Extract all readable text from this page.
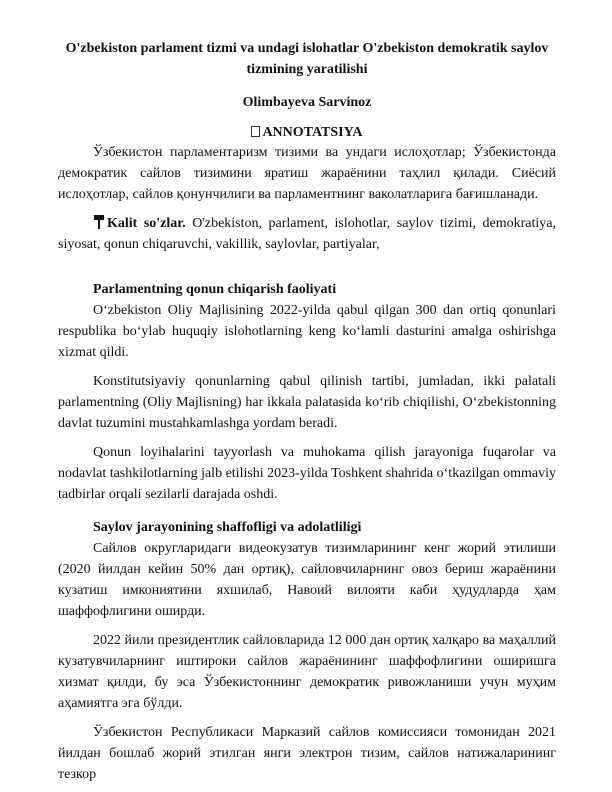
O'zbekiston parlament tizmi va undagi islohatlar O'zbekiston demokratik saylov tizmining yaratilishi
Olimbayeva Sarvinoz
ANNOTATSIYA

Ўзбекистон парламентаризм тизими ва ундаги ислоҳотлар; Ўзбекистонда демократик сайлов тизимини яратиш жараёнини таҳлил қилади. Сиёсий ислоҳотлар, сайлов қонунчилиги ва парламентнинг ваколатларига бағишланади.

Kalit so'zlar. O'zbekiston, parlament, islohotlar, saylov tizimi, demokratiya, siyosat, qonun chiqaruvchi, vakillik, saylovlar, partiyalar,

Parlamentning qonun chiqarish faoliyati

O‘zbekiston Oliy Majlisining 2022-yilda qabul qilgan 300 dan ortiq qonunlari respublika bo‘ylab huquqiy islohotlarning keng ko‘lamli dasturini amalga oshirishga xizmat qildi.

Konstitutsiyaviy qonunlarning qabul qilinish tartibi, jumladan, ikki palatali parlamentning (Oliy Majlisning) har ikkala palatasida ko‘rib chiqilishi, O‘zbekistonning davlat tuzumini mustahkamlashga yordam beradi.

Qonun loyihalarini tayyorlash va muhokama qilish jarayoniga fuqarolar va nodavlat tashkilotlarning jalb etilishi 2023-yilda Toshkent shahrida o‘tkazilgan ommaviy tadbirlar orqali sezilarli darajada oshdi.

Saylov jarayonining shaffofligi va adolatliligi

Сайлов округларидаги видеокузатув тизимларининг кенг жорий этилиши (2020 йилдан кейин 50% дан ортиқ), сайловчиларнинг овоз бериш жараёнини кузатиш имкониятини яхшилаб, Навоий вилояти каби ҳудудларда ҳам шаффофлигини оширди.

2022 йили президентлик сайловларида 12 000 дан ортиқ халқаро ва маҳаллий кузатувчиларнинг иштироки сайлов жараёнининг шаффофлигини оширишга хизмат қилди, бу эса Ўзбекистоннинг демократик ривожланиши учун муҳим аҳамиятга эга бўлди.

Ўзбекистон Республикаси Марказий сайлов комиссияси томонидан 2021 йилдан бошлаб жорий этилган янги электрон тизим, сайлов натижаларининг тезкор
